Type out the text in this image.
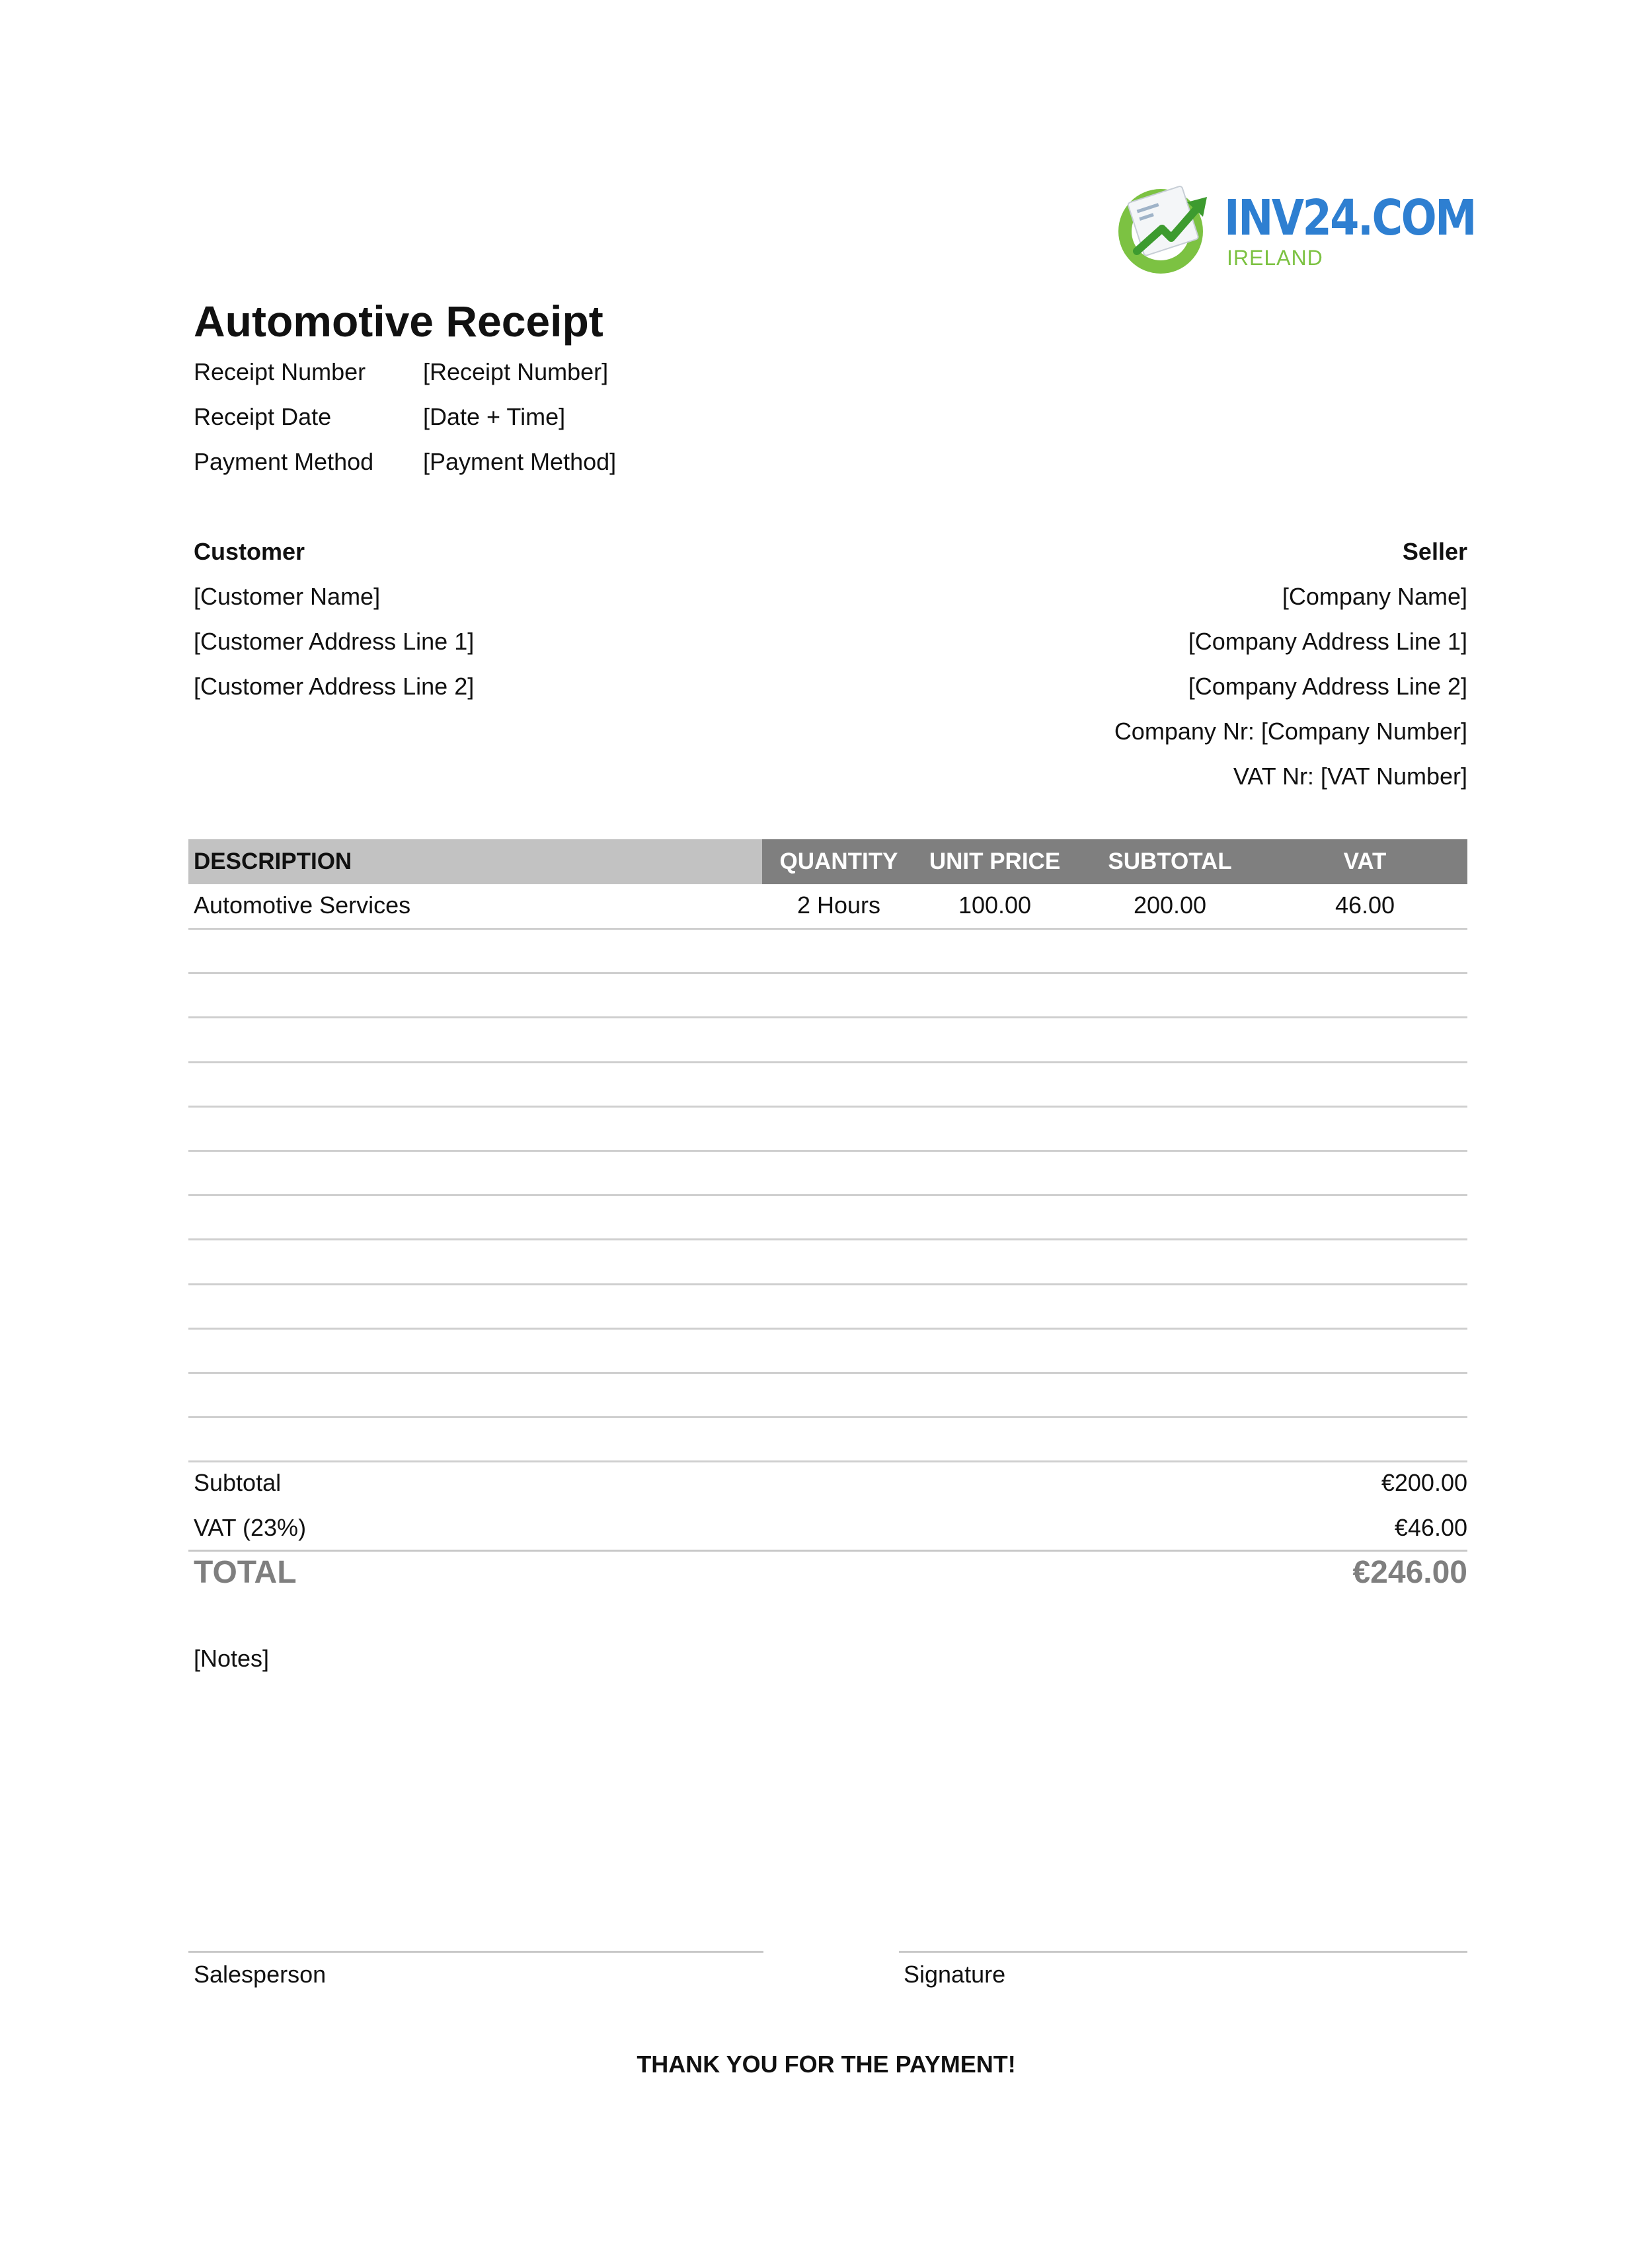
INV24.COM
IRELAND
Automotive Receipt
Receipt Number [Receipt Number]
Receipt Date	[Date + Time]
Payment Method [Payment Method]
Customer
[Customer Name]
[Customer Address Line 1]
[Customer Address Line 2]
Seller
[Company Name]
[Company Address Line 1]
[Company Address Line 2]
Company Nr: [Company Number]
VAT Nr: [VAT Number]
DESCRIPTION	QUANTITY	UNIT PRICE	SUBTOTAL	VAT
Automotive Services	2 Hours	100.00	200.00	46.00
Subtotal	€200.00
VAT (23%)	€46.00
TOTAL	€246.00
[Notes]
Salesperson	Signature
THANK YOU FOR THE PAYMENT!
